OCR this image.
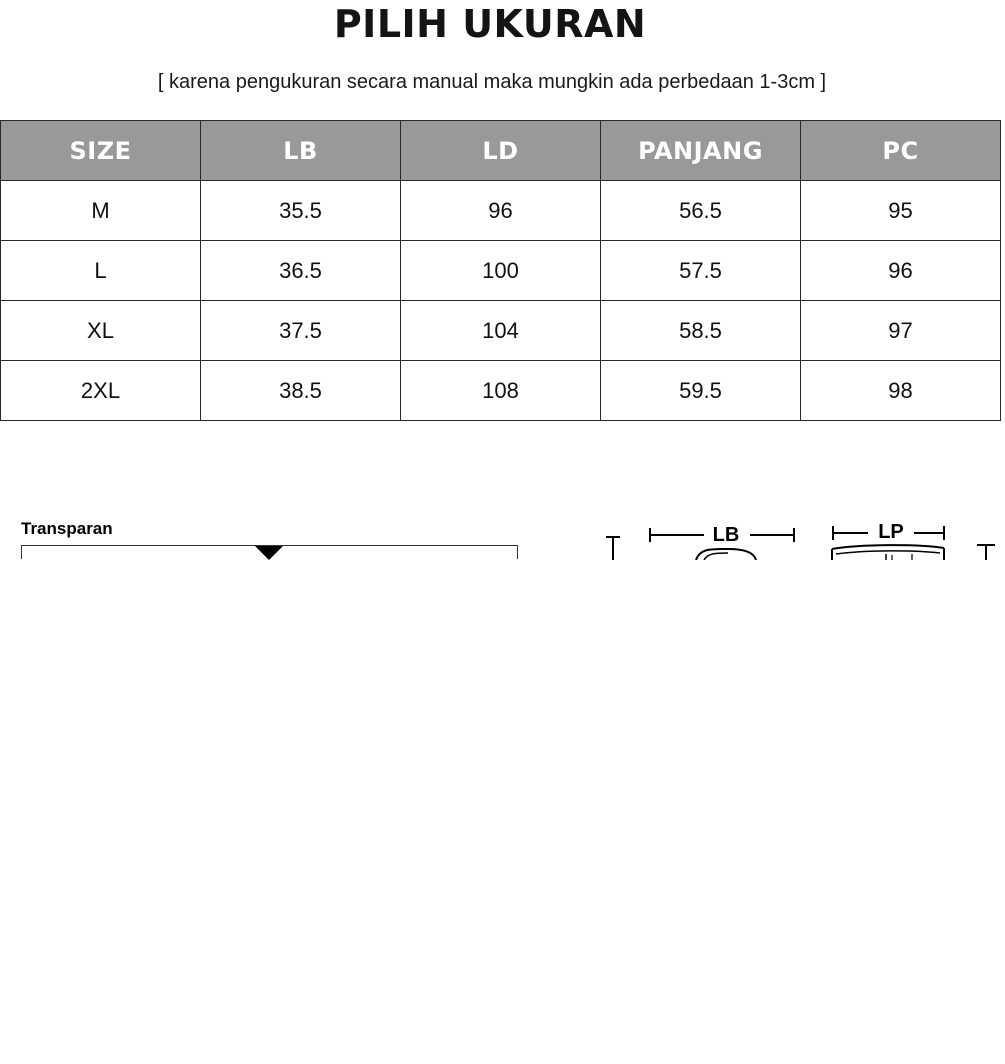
PILIH UKURAN
[ karena pengukuran secara manual maka mungkin ada perbedaan 1-3cm ]
SIZE	LB	LD	PANJANG	PC
M	35.5	96	56.5	95
L	36.5	100	57.5	96
XL	37.5	104	58.5	97
2XL	38.5	108	59.5	98
Transparan	LB	LP
